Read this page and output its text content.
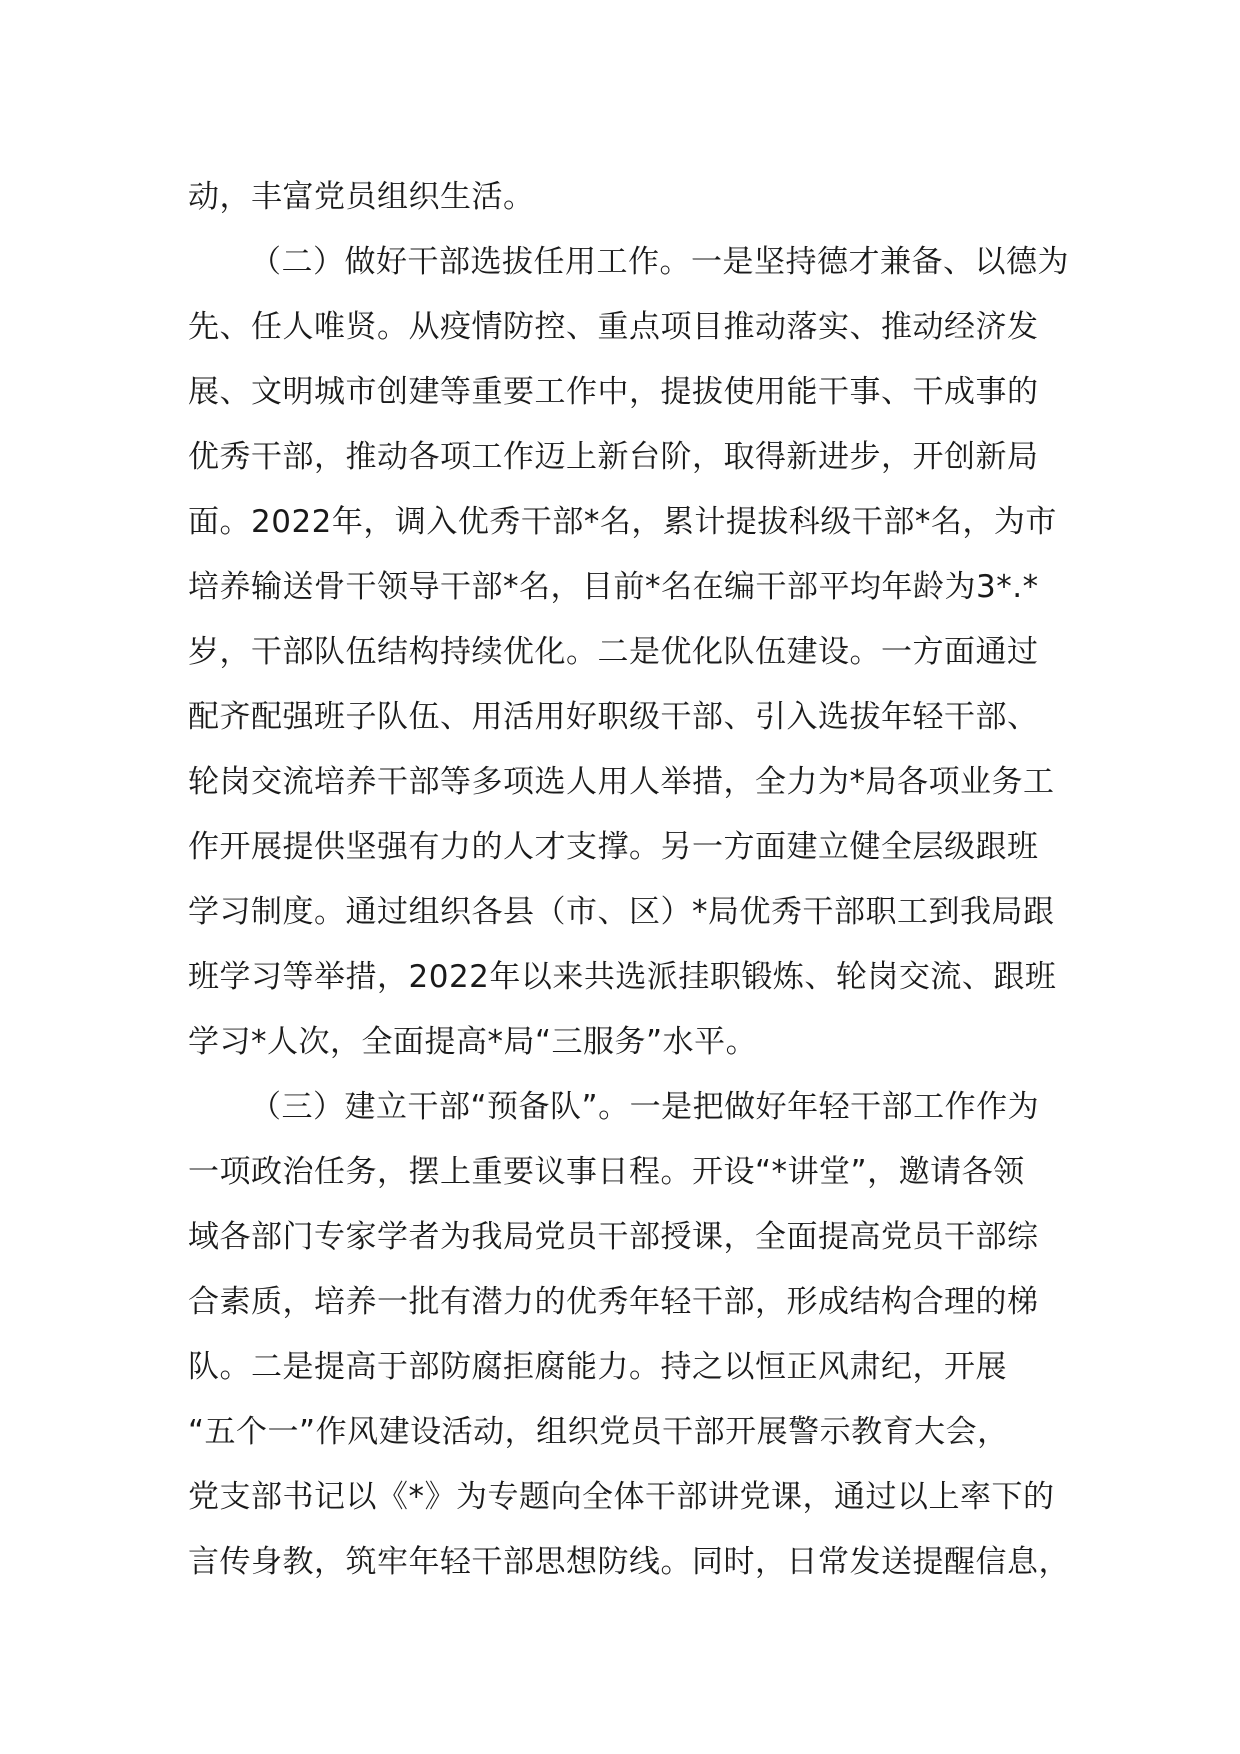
动，丰富党员组织生活。
（二）做好干部选拔任用工作。一是坚持德才兼备、以德为
先、任人唯贤。从疫情防控、重点项目推动落实、推动经济发
展、文明城市创建等重要工作中，提拔使用能干事、干成事的
优秀干部，推动各项工作迈上新台阶，取得新进步，开创新局
面。2022年，调入优秀干部*名，累计提拔科级干部*名，为市
培养输送骨干领导干部*名，目前*名在编干部平均年龄为3*.*
岁，干部队伍结构持续优化。二是优化队伍建设。一方面通过
配齐配强班子队伍、用活用好职级干部、引入选拔年轻干部、
轮岗交流培养干部等多项选人用人举措，全力为*局各项业务工
作开展提供坚强有力的人才支撑。另一方面建立健全层级跟班
学习制度。通过组织各县（市、区）*局优秀干部职工到我局跟
班学习等举措，2022年以来共选派挂职锻炼、轮岗交流、跟班
学习*人次，全面提高*局“三服务”水平。
（三）建立干部“预备队”。一是把做好年轻干部工作作为
一项政治任务，摆上重要议事日程。开设“*讲堂”，邀请各领
域各部门专家学者为我局党员干部授课，全面提高党员干部综
合素质，培养一批有潜力的优秀年轻干部，形成结构合理的梯
队。二是提高于部防腐拒腐能力。持之以恒正风肃纪，开展
“五个一”作风建设活动，组织党员干部开展警示教育大会，
党支部书记以《*》为专题向全体干部讲党课，通过以上率下的
言传身教，筑牢年轻干部思想防线。同时，日常发送提醒信息，
